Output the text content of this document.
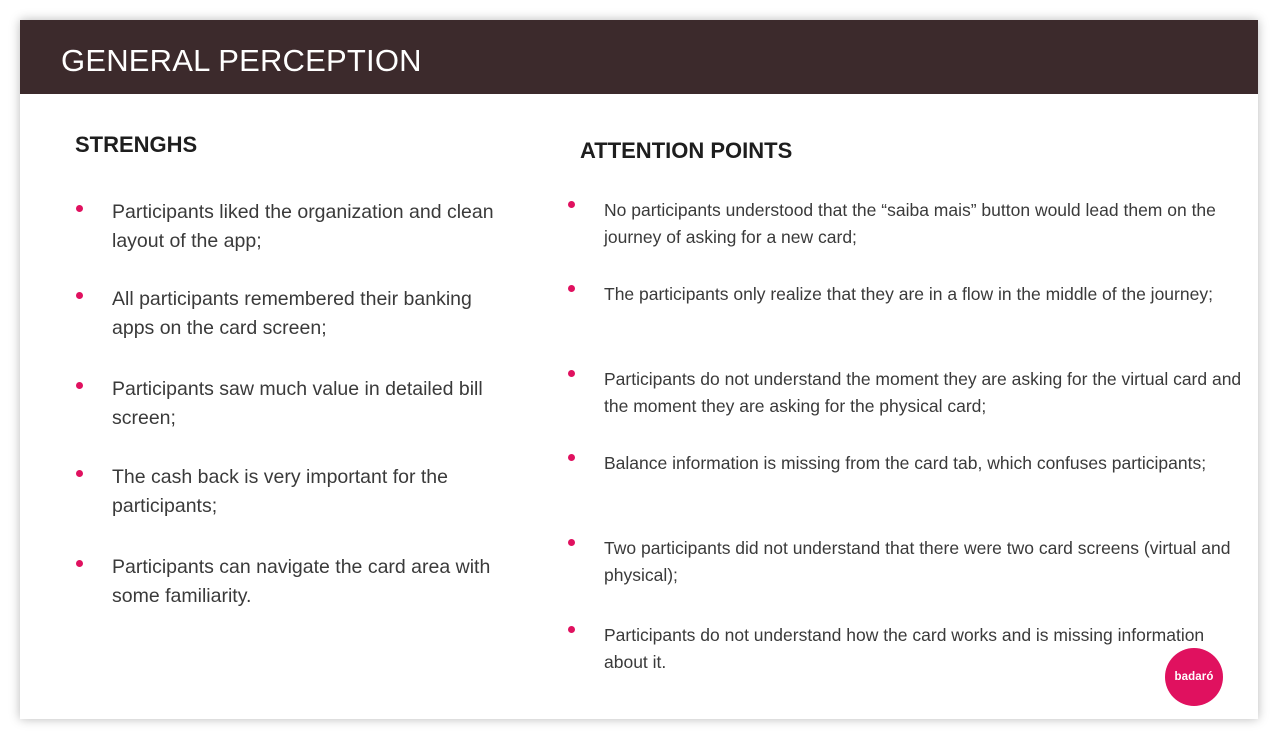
GENERAL PERCEPTION
STRENGHS
Participants liked the organization and clean layout of the app;
All participants remembered their banking apps on the card screen;
Participants saw much value in detailed bill screen;
The cash back is very important for the participants;
Participants can navigate the card area with some familiarity.
ATTENTION POINTS
No participants understood that the “saiba mais” button would lead them on the journey of asking for a new card;
The participants only realize that they are in a flow in the middle of the journey;
Participants do not understand the moment they are asking for the virtual card and the moment they are asking for the physical card;
Balance information is missing from the card tab, which confuses participants;
Two participants did not understand that there were two card screens (virtual and physical);
Participants do not understand how the card works and is missing information about it.
badaró
